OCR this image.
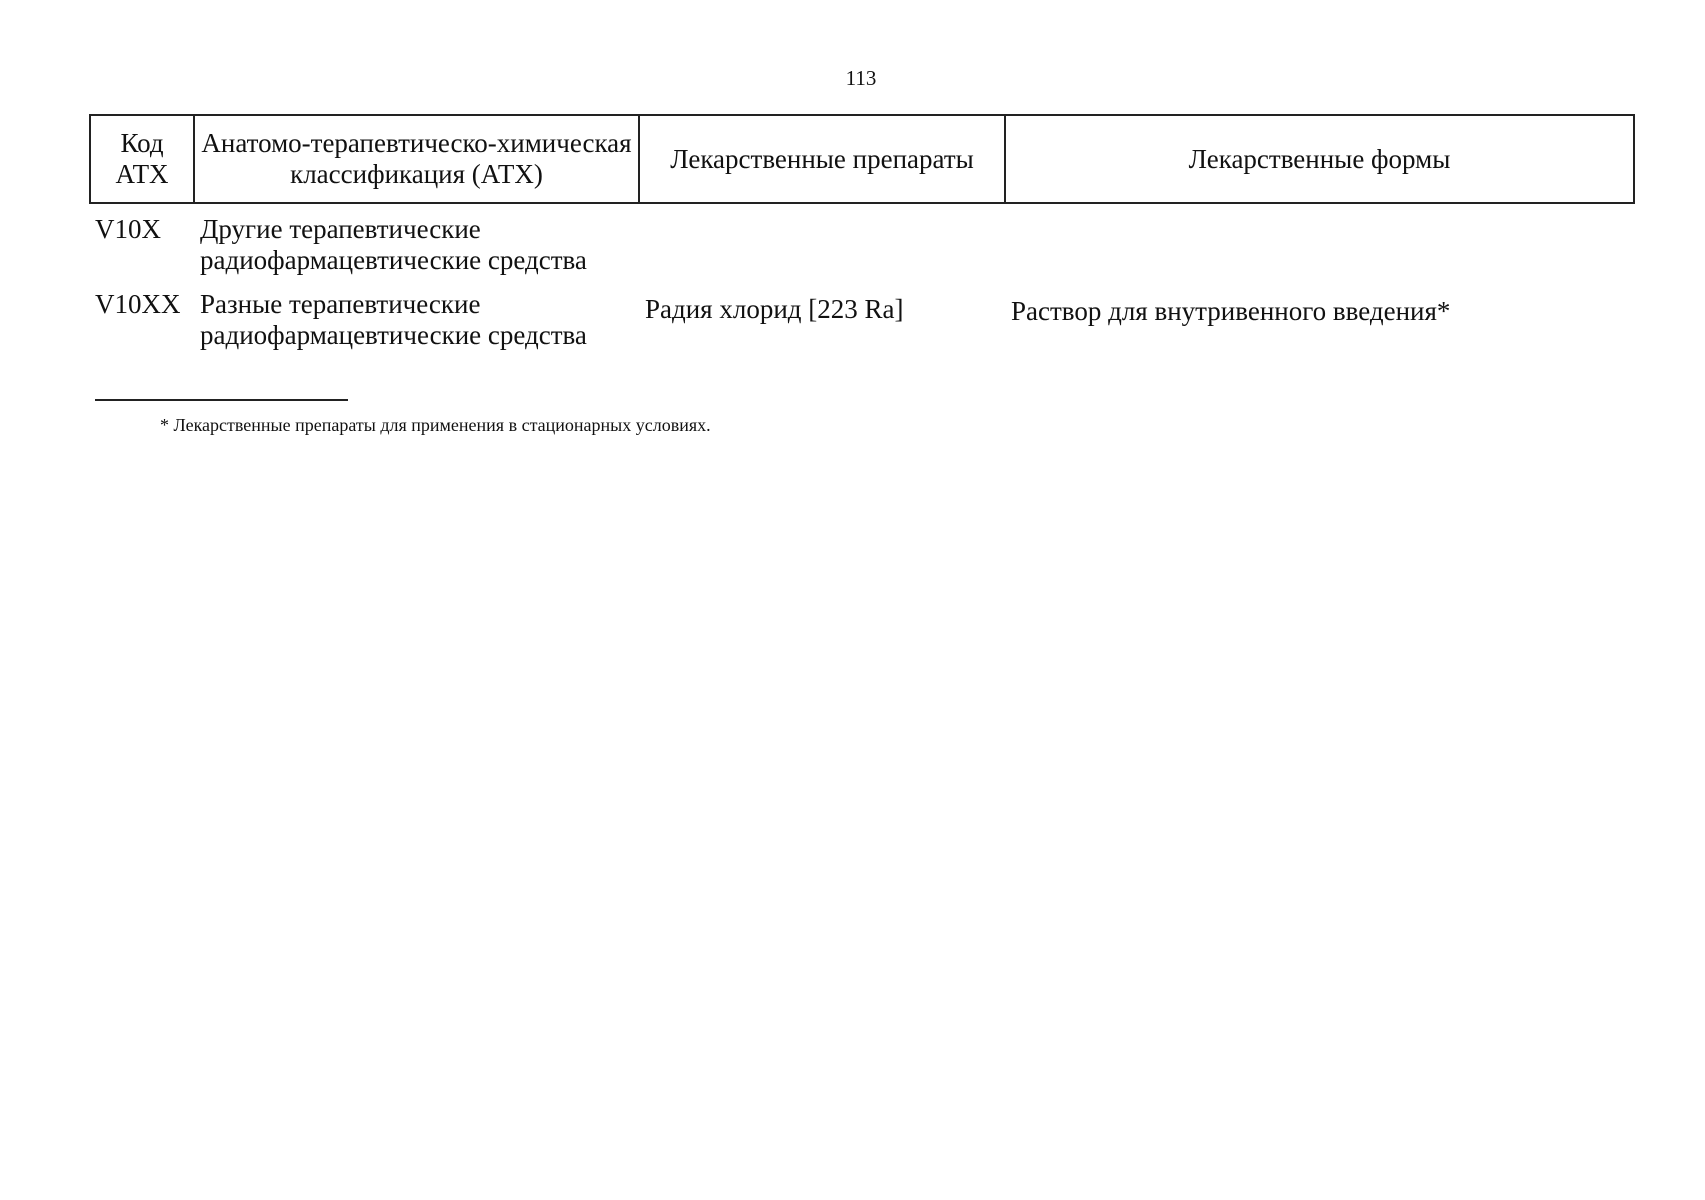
113
Код АТХ	Анатомо-терапевтическо-химическая классификация (АТХ)	Лекарственные препараты	Лекарственные формы
V10X	Другие терапевтические радиофармацевтические средства		
V10XX	Разные терапевтические радиофармацевтические средства	Радия хлорид [223 Ra]	Раствор для внутривенного введения*
* Лекарственные препараты для применения в стационарных условиях.
